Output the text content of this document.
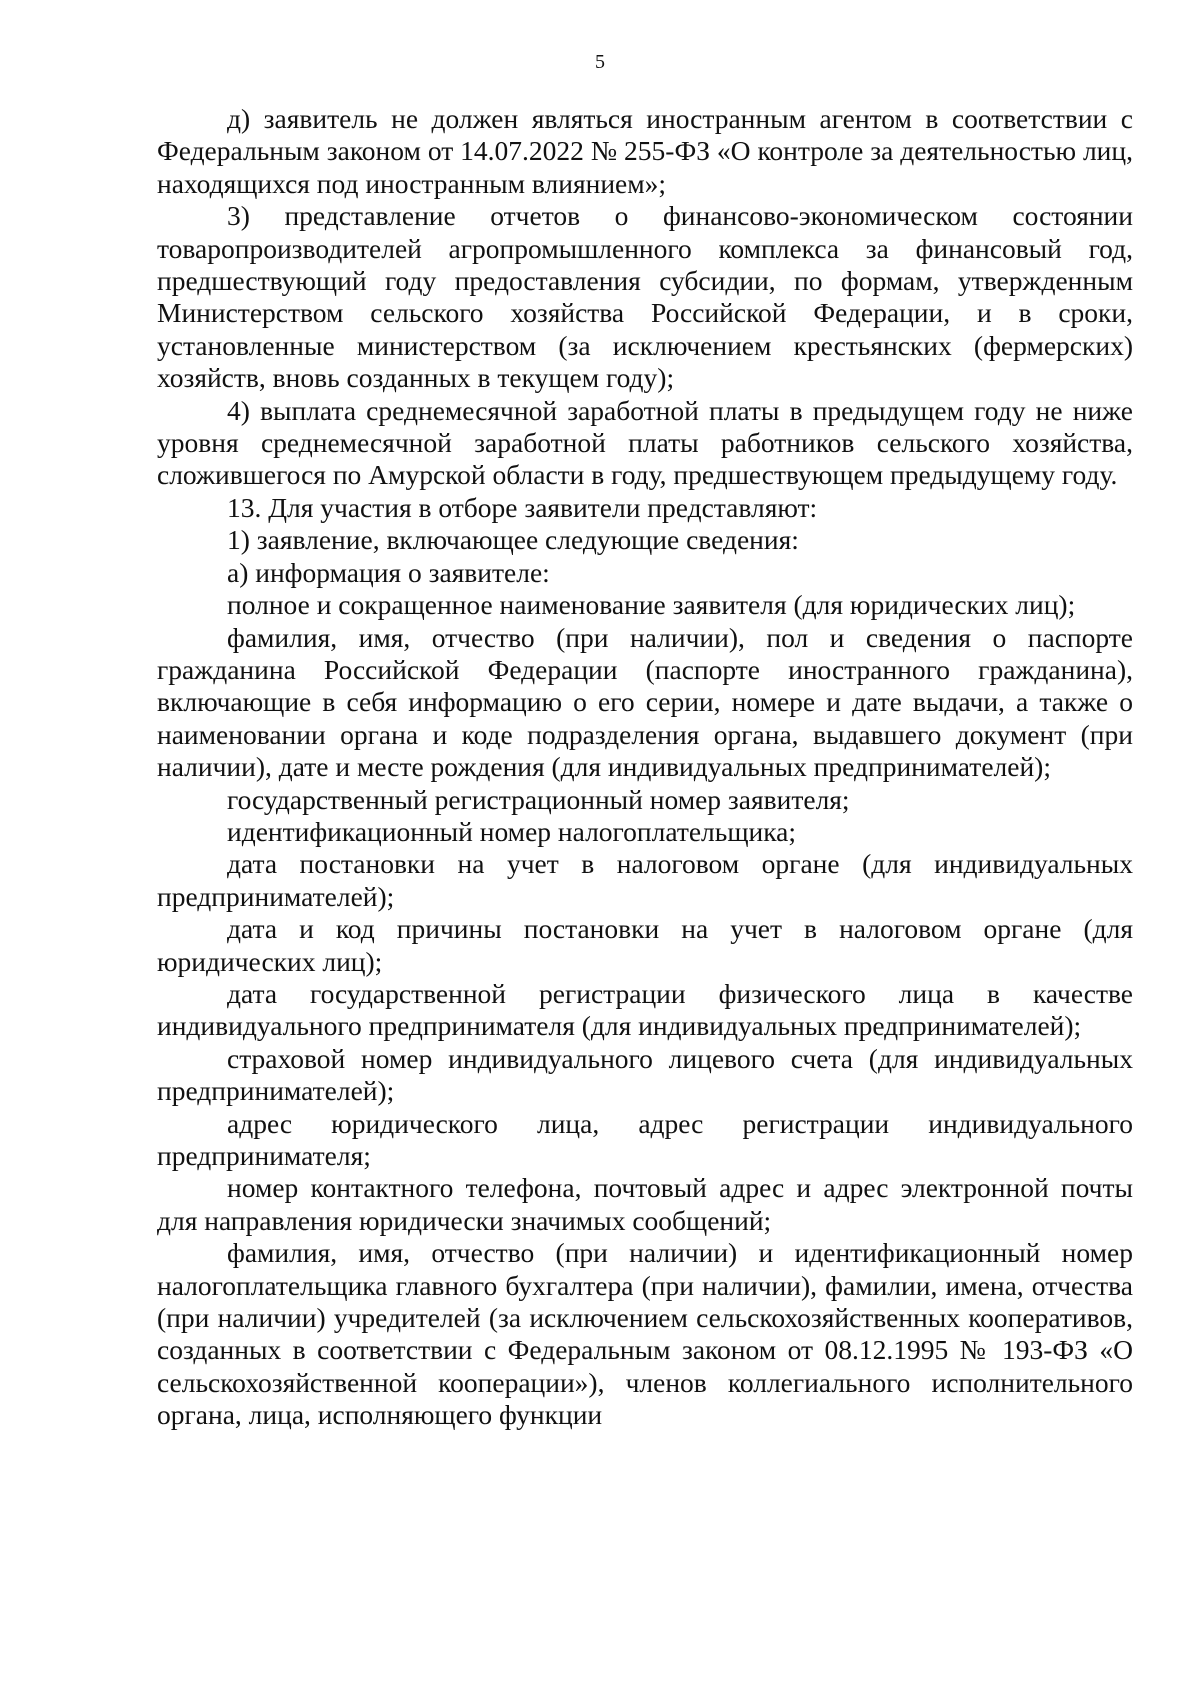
5

д) заявитель не должен являться иностранным агентом в соответствии с Федеральным законом от 14.07.2022 № 255-ФЗ «О контроле за деятельностью лиц, находящихся под иностранным влиянием»;

3) представление отчетов о финансово-экономическом состоянии товаропроизводителей агропромышленного комплекса за финансовый год, предшествующий году предоставления субсидии, по формам, утвержденным Министерством сельского хозяйства Российской Федерации, и в сроки, установленные министерством (за исключением крестьянских (фермерских) хозяйств, вновь созданных в текущем году);

4) выплата среднемесячной заработной платы в предыдущем году не ниже уровня среднемесячной заработной платы работников сельского хозяйства, сложившегося по Амурской области в году, предшествующем предыдущему году.

13. Для участия в отборе заявители представляют:

1) заявление, включающее следующие сведения:

а) информация о заявителе:

полное и сокращенное наименование заявителя (для юридических лиц);

фамилия, имя, отчество (при наличии), пол и сведения о паспорте гражданина Российской Федерации (паспорте иностранного гражданина), включающие в себя информацию о его серии, номере и дате выдачи, а также о наименовании органа и коде подразделения органа, выдавшего документ (при наличии), дате и месте рождения (для индивидуальных предпринимателей);

государственный регистрационный номер заявителя;

идентификационный номер налогоплательщика;

дата постановки на учет в налоговом органе (для индивидуальных предпринимателей);

дата и код причины постановки на учет в налоговом органе (для юридических лиц);

дата государственной регистрации физического лица в качестве индивидуального предпринимателя (для индивидуальных предпринимателей);

страховой номер индивидуального лицевого счета (для индивидуальных предпринимателей);

адрес юридического лица, адрес регистрации индивидуального предпринимателя;

номер контактного телефона, почтовый адрес и адрес электронной почты для направления юридически значимых сообщений;

фамилия, имя, отчество (при наличии) и идентификационный номер налогоплательщика главного бухгалтера (при наличии), фамилии, имена, отчества (при наличии) учредителей (за исключением сельскохозяйственных кооперативов, созданных в соответствии с Федеральным законом от 08.12.1995 № 193-ФЗ «О сельскохозяйственной кооперации»), членов коллегиального исполнительного органа, лица, исполняющего функции
